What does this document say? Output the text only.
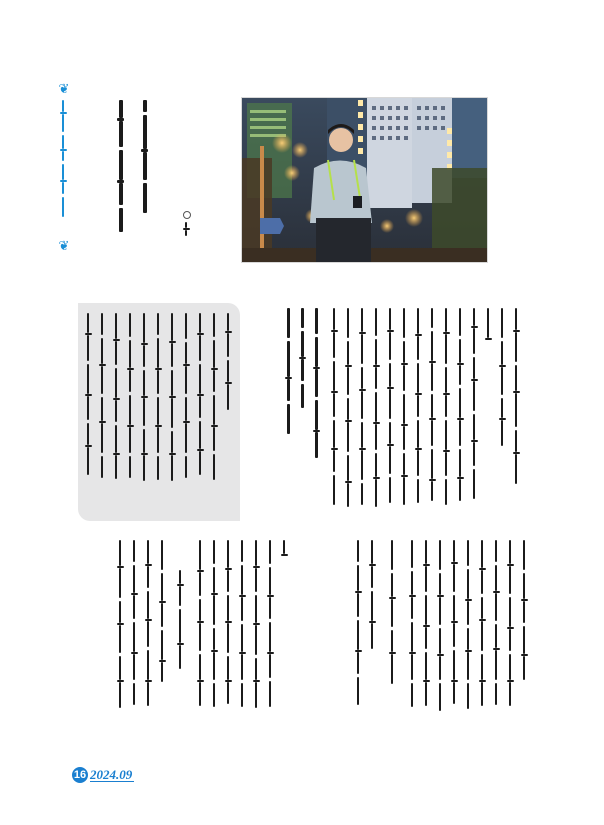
❦
❦
16 2024.09
